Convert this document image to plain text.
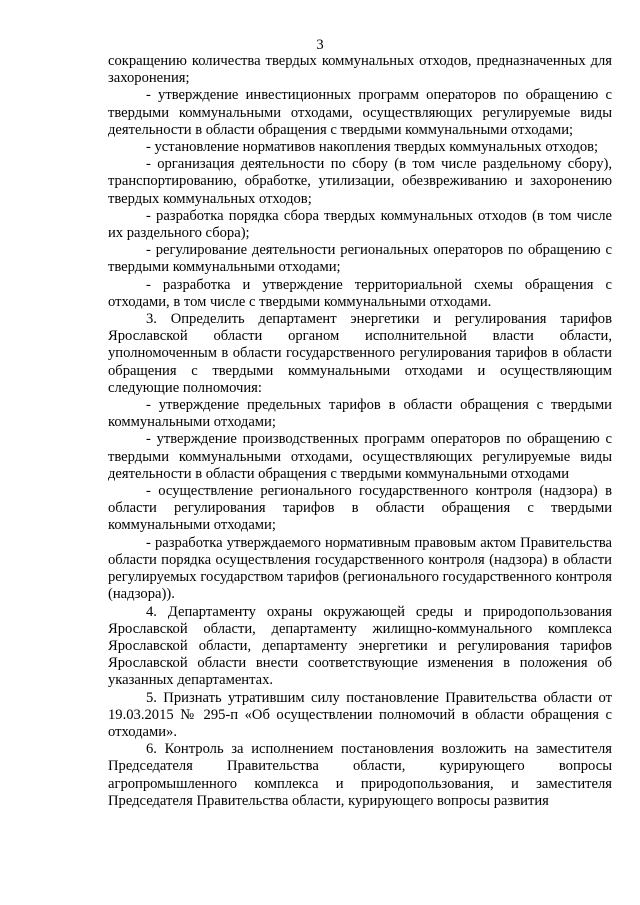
3

сокращению количества твердых коммунальных отходов, предназначенных для захоронения;

- утверждение инвестиционных программ операторов по обращению с твердыми коммунальными отходами, осуществляющих регулируемые виды деятельности в области обращения с твердыми коммунальными отходами;

- установление нормативов накопления твердых коммунальных отходов;

- организация деятельности по сбору (в том числе раздельному сбору), транспортированию, обработке, утилизации, обезвреживанию и захоронению твердых коммунальных отходов;

- разработка порядка сбора твердых коммунальных отходов (в том числе их раздельного сбора);

- регулирование деятельности региональных операторов по обращению с твердыми коммунальными отходами;

- разработка и утверждение территориальной схемы обращения с отходами, в том числе с твердыми коммунальными отходами.

3. Определить департамент энергетики и регулирования тарифов Ярославской области органом исполнительной власти области, уполномоченным в области государственного регулирования тарифов в области обращения с твердыми коммунальными отходами и осуществляющим следующие полномочия:

- утверждение предельных тарифов в области обращения с твердыми коммунальными отходами;

- утверждение производственных программ операторов по обращению с твердыми коммунальными отходами, осуществляющих регулируемые виды деятельности в области обращения с твердыми коммунальными отходами

- осуществление регионального государственного контроля (надзора) в области регулирования тарифов в области обращения с твердыми коммунальными отходами;

- разработка утверждаемого нормативным правовым актом Правительства области порядка осуществления государственного контроля (надзора) в области регулируемых государством тарифов (регионального государственного контроля (надзора)).

4. Департаменту охраны окружающей среды и природопользования Ярославской области, департаменту жилищно-коммунального комплекса Ярославской области, департаменту энергетики и регулирования тарифов Ярославской области внести соответствующие изменения в положения об указанных департаментах.

5. Признать утратившим силу постановление Правительства области от 19.03.2015 № 295-п «Об осуществлении полномочий в области обращения с отходами».

6. Контроль за исполнением постановления возложить на заместителя Председателя Правительства области, курирующего вопросы агропромышленного комплекса и природопользования, и заместителя Председателя Правительства области, курирующего вопросы развития
